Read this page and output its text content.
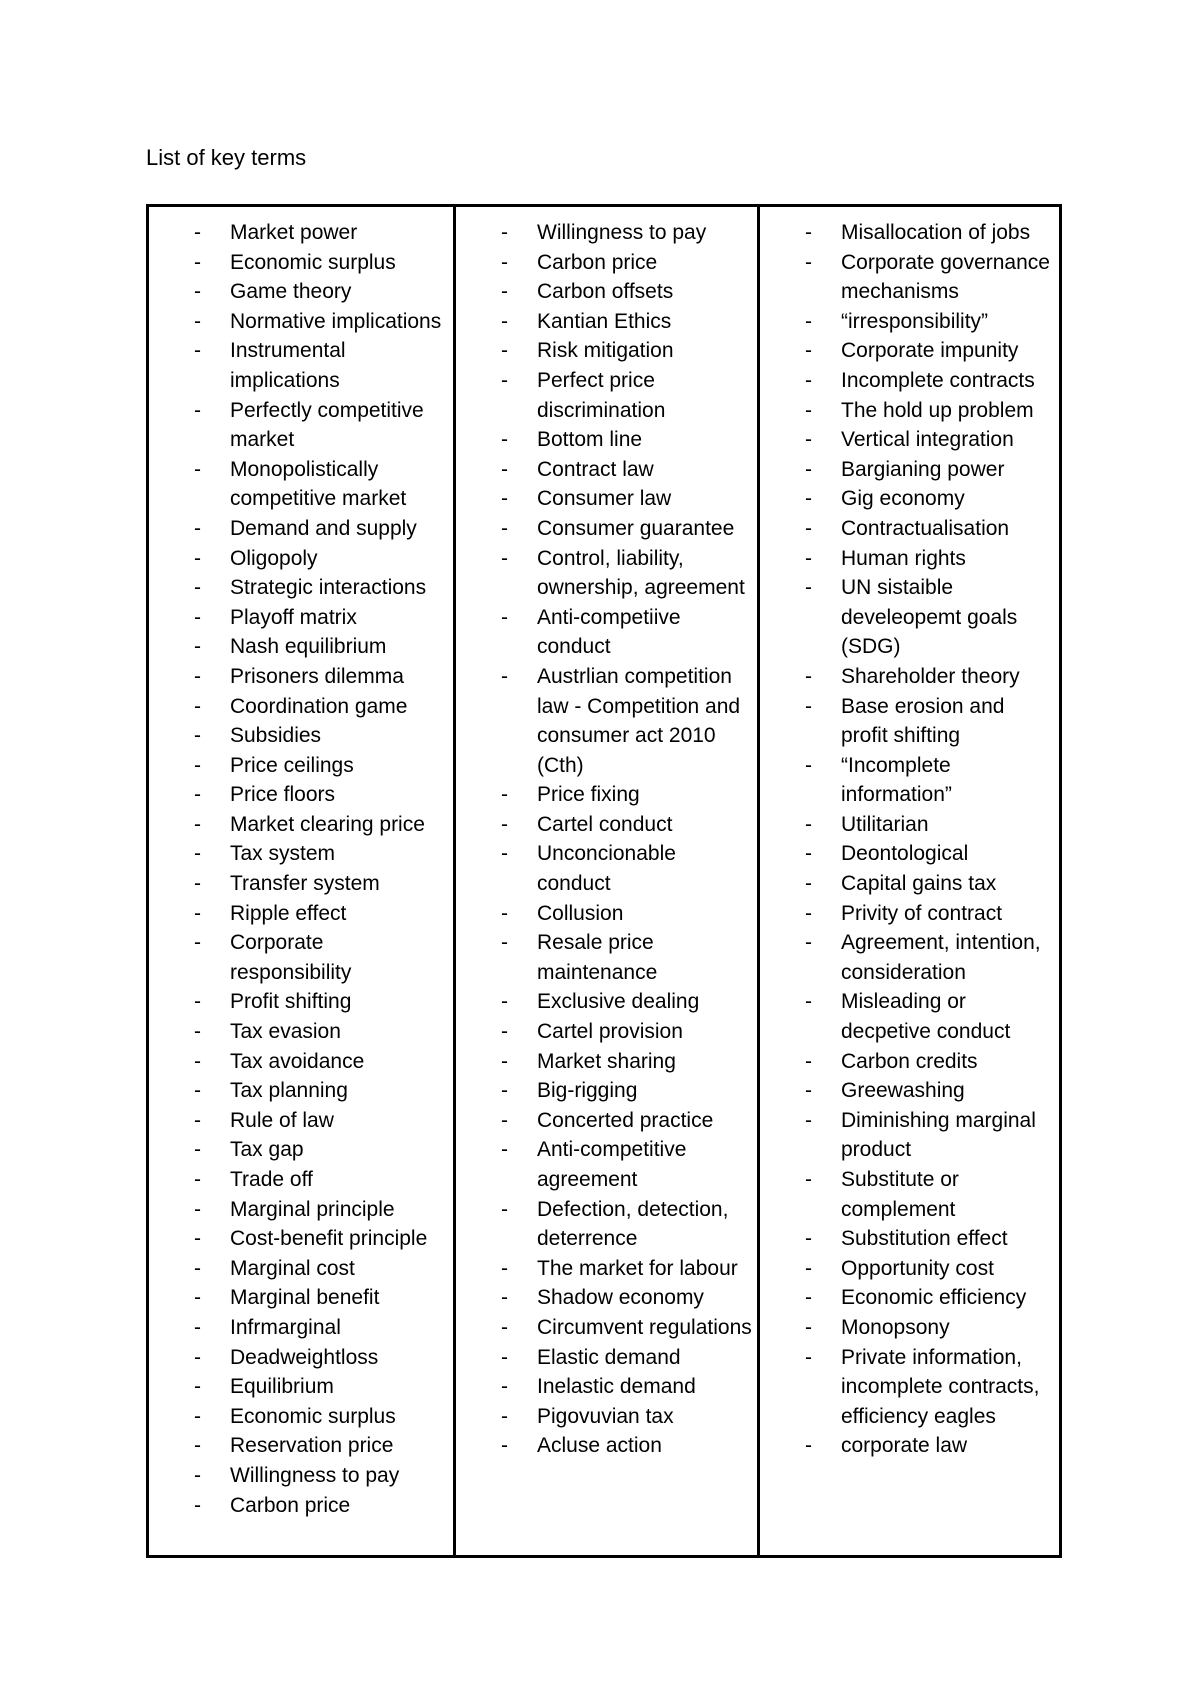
List of key terms
- Market power
- Economic surplus
- Game theory
- Normative implications
- Instrumental implications
- Perfectly competitive market
- Monopolistically competitive market
- Demand and supply
- Oligopoly
- Strategic interactions
- Playoff matrix
- Nash equilibrium
- Prisoners dilemma
- Coordination game
- Subsidies
- Price ceilings
- Price floors
- Market clearing price
- Tax system
- Transfer system
- Ripple effect
- Corporate responsibility
- Profit shifting
- Tax evasion
- Tax avoidance
- Tax planning
- Rule of law
- Tax gap
- Trade off
- Marginal principle
- Cost-benefit principle
- Marginal cost
- Marginal benefit
- Infrmarginal
- Deadweightloss
- Equilibrium
- Economic surplus
- Reservation price
- Willingness to pay
- Carbon price
- Willingness to pay
- Carbon price
- Carbon offsets
- Kantian Ethics
- Risk mitigation
- Perfect price discrimination
- Bottom line
- Contract law
- Consumer law
- Consumer guarantee
- Control, liability, ownership, agreement
- Anti-competiive conduct
- Austrlian competition law - Competition and consumer act 2010 (Cth)
- Price fixing
- Cartel conduct
- Unconcionable conduct
- Collusion
- Resale price maintenance
- Exclusive dealing
- Cartel provision
- Market sharing
- Big-rigging
- Concerted practice
- Anti-competitive agreement
- Defection, detection, deterrence
- The market for labour
- Shadow economy
- Circumvent regulations
- Elastic demand
- Inelastic demand
- Pigovuvian tax
- Acluse action
- Misallocation of jobs
- Corporate governance mechanisms
- “irresponsibility”
- Corporate impunity
- Incomplete contracts
- The hold up problem
- Vertical integration
- Bargianing power
- Gig economy
- Contractualisation
- Human rights
- UN sistaible develeopemt goals (SDG)
- Shareholder theory
- Base erosion and profit shifting
- “Incomplete information”
- Utilitarian
- Deontological
- Capital gains tax
- Privity of contract
- Agreement, intention, consideration
- Misleading or decpetive conduct
- Carbon credits
- Greewashing
- Diminishing marginal product
- Substitute or complement
- Substitution effect
- Opportunity cost
- Economic efficiency
- Monopsony
- Private information, incomplete contracts, efficiency eagles
- corporate law
